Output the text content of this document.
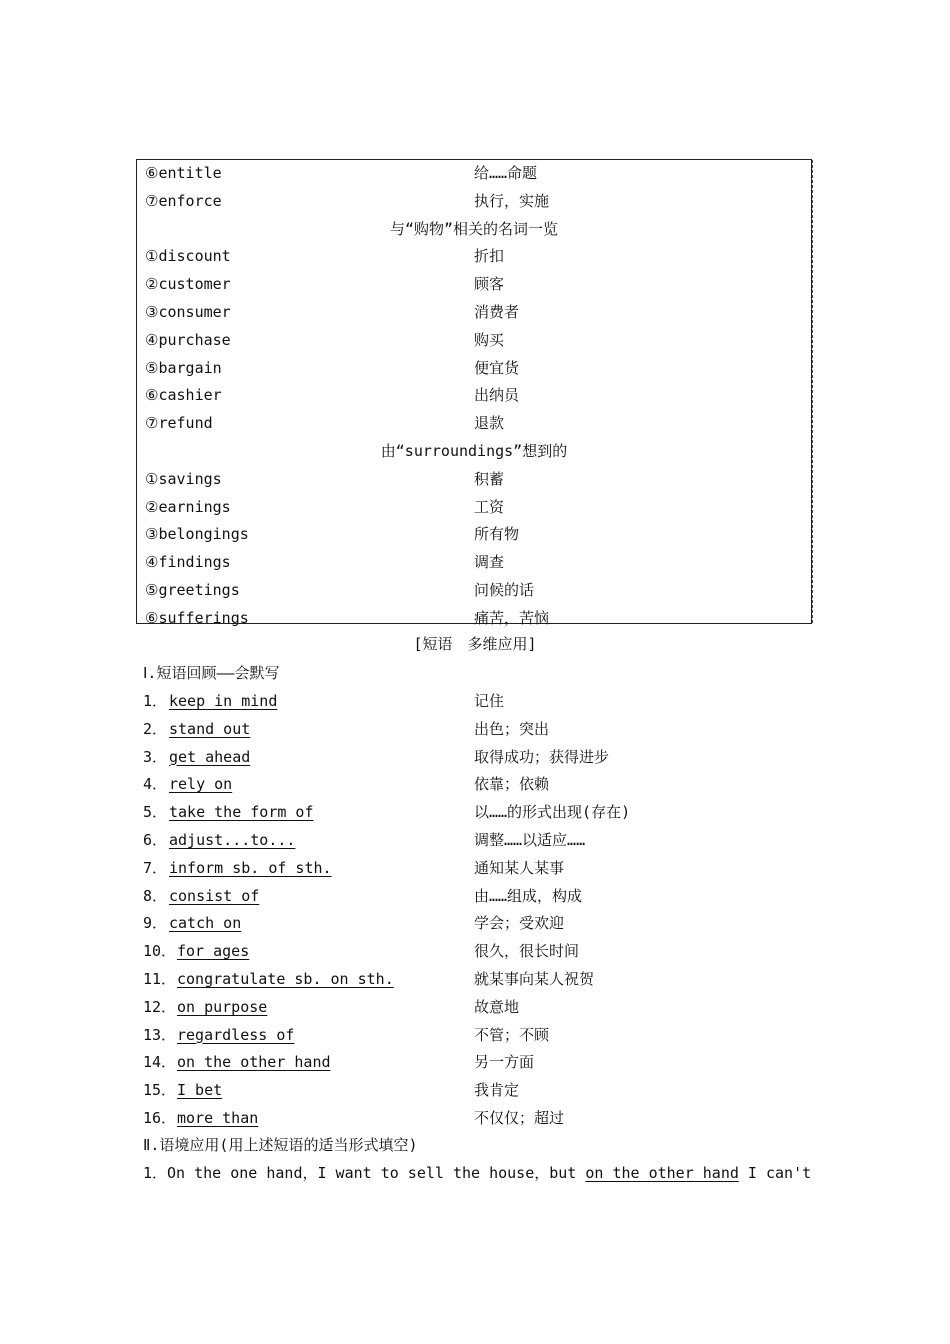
⑥entitle	给……命题
⑦enforce	执行，实施
与“购物”相关的名词一览
①discount	折扣
②customer	顾客
③consumer	消费者
④purchase	购买
⑤bargain	便宜货
⑥cashier	出纳员
⑦refund	退款
由“surroundings”想到的
①savings	积蓄
②earnings	工资
③belongings	所有物
④findings	调查
⑤greetings	问候的话
⑥sufferings	痛苦，苦恼
[短语　多维应用]
Ⅰ.短语回顾——会默写
1． keep in mind	记住
2． stand out	出色；突出
3． get ahead	取得成功；获得进步
4． rely on	依靠；依赖
5． take the form of	以……的形式出现(存在)
6． adjust...to...	调整……以适应……
7． inform sb. of sth.	通知某人某事
8． consist of	由……组成，构成
9． catch on	学会；受欢迎
10． for ages	很久，很长时间
11． congratulate sb. on sth.	就某事向某人祝贺
12． on purpose	故意地
13． regardless of	不管；不顾
14． on the other hand	另一方面
15． I bet	我肯定
16． more than	不仅仅；超过
Ⅱ.语境应用(用上述短语的适当形式填空)
1．On the one hand，I want to sell the house，but on the other hand I can't
